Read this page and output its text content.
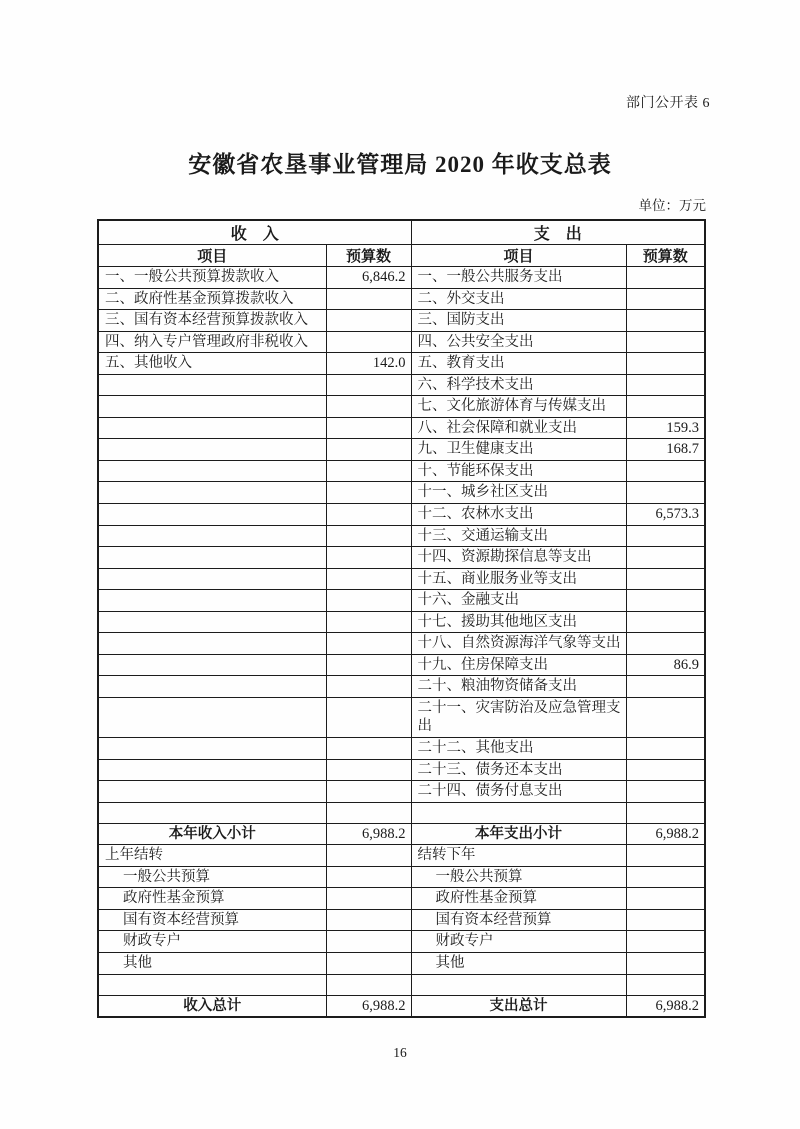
部门公开表 6
安徽省农垦事业管理局 2020 年收支总表
单位：万元
收　入		支　出	
项目	预算数	项目	预算数
一、一般公共预算拨款收入	6,846.2	一、一般公共服务支出	
二、政府性基金预算拨款收入		二、外交支出	
三、国有资本经营预算拨款收入		三、国防支出	
四、纳入专户管理政府非税收入		四、公共安全支出	
五、其他收入	142.0	五、教育支出	
		六、科学技术支出	
		七、文化旅游体育与传媒支出	
		八、社会保障和就业支出	159.3
		九、卫生健康支出	168.7
		十、节能环保支出	
		十一、城乡社区支出	
		十二、农林水支出	6,573.3
		十三、交通运输支出	
		十四、资源勘探信息等支出	
		十五、商业服务业等支出	
		十六、金融支出	
		十七、援助其他地区支出	
		十八、自然资源海洋气象等支出	
		十九、住房保障支出	86.9
		二十、粮油物资储备支出	
		二十一、灾害防治及应急管理支出	
		二十二、其他支出	
		二十三、债务还本支出	
		二十四、债务付息支出	

本年收入小计	6,988.2	本年支出小计	6,988.2
上年结转		结转下年	
一般公共预算		一般公共预算	
政府性基金预算		政府性基金预算	
国有资本经营预算		国有资本经营预算	
财政专户		财政专户	
其他		其他	

收入总计	6,988.2	支出总计	6,988.2
16
